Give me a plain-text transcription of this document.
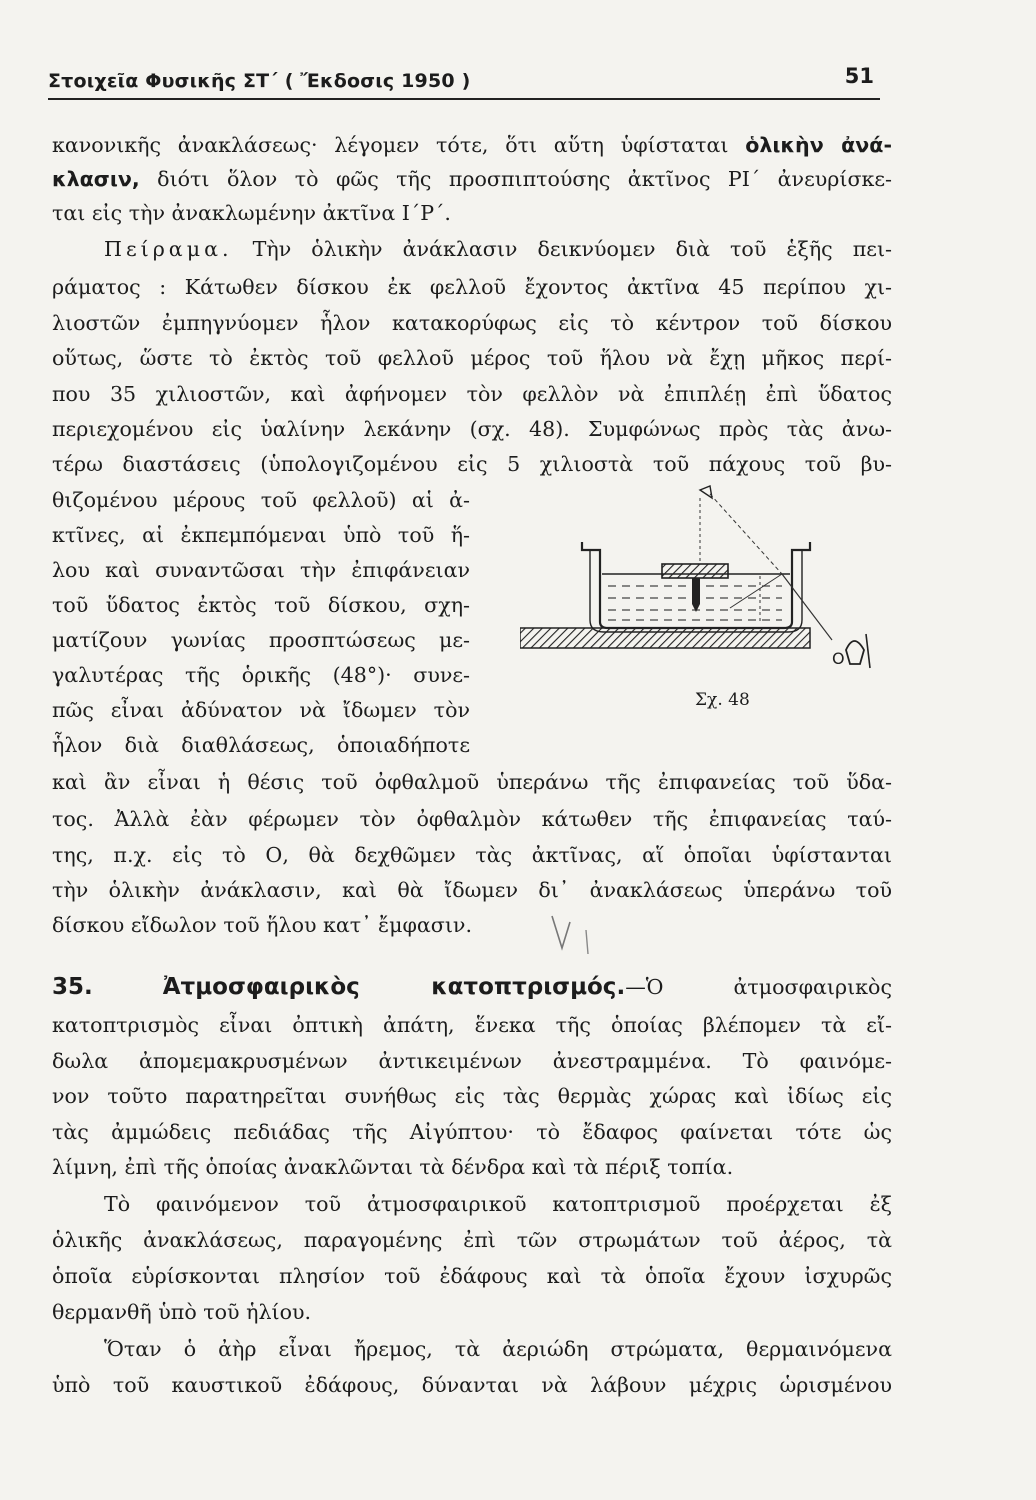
Στοιχεῖα Φυσικῆς ΣΤ΄ ( Ἔκδοσις 1950 )	51
κανονικῆς ἀνακλάσεως· λέγομεν τότε, ὅτι αὕτη ὑφίσταται ὁλικὴν ἀνά-
κλασιν, διότι ὅλον τὸ φῶς τῆς προσπιπτούσης ἀκτῖνος ΡΙ΄ ἀνευρίσκε-
ται εἰς τὴν ἀνακλωμένην ἀκτῖνα Ι΄Ρ΄.
Πείραμα. Τὴν ὁλικὴν ἀνάκλασιν δεικνύομεν διὰ τοῦ ἑξῆς πει-
ράματος : Κάτωθεν δίσκου ἐκ φελλοῦ ἔχοντος ἀκτῖνα 45 περίπου χι-
λιοστῶν ἐμπηγνύομεν ἧλον κατακορύφως εἰς τὸ κέντρον τοῦ δίσκου
οὕτως, ὥστε τὸ ἐκτὸς τοῦ φελλοῦ μέρος τοῦ ἥλου νὰ ἔχῃ μῆκος περί-
που 35 χιλιοστῶν, καὶ ἀφήνομεν τὸν φελλὸν νὰ ἐπιπλέῃ ἐπὶ ὕδατος
περιεχομένου εἰς ὑαλίνην λεκάνην (σχ. 48). Συμφώνως πρὸς τὰς ἀνω-
τέρω διαστάσεις (ὑπολογιζομένου εἰς 5 χιλιοστὰ τοῦ πάχους τοῦ βυ-
θιζομένου μέρους τοῦ φελλοῦ) αἱ ἀ-
κτῖνες, αἱ ἐκπεμπόμεναι ὑπὸ τοῦ ἥ-
λου καὶ συναντῶσαι τὴν ἐπιφάνειαν
τοῦ ὕδατος ἐκτὸς τοῦ δίσκου, σχη-
ματίζουν γωνίας προσπτώσεως με-
γαλυτέρας τῆς ὁρικῆς (48°)· συνε-
πῶς εἶναι ἀδύνατον νὰ ἴδωμεν τὸν
ἧλον διὰ διαθλάσεως, ὁποιαδήποτε
καὶ ἂν εἶναι ἡ θέσις τοῦ ὀφθαλμοῦ ὑπεράνω τῆς ἐπιφανείας τοῦ ὕδα-
τος. Ἀλλὰ ἐὰν φέρωμεν τὸν ὀφθαλμὸν κάτωθεν τῆς ἐπιφανείας ταύ-
της, π.χ. εἰς τὸ Ο, θὰ δεχθῶμεν τὰς ἀκτῖνας, αἵ ὁποῖαι ὑφίστανται
τὴν ὁλικὴν ἀνάκλασιν, καὶ θὰ ἴδωμεν δι᾽ ἀνακλάσεως ὑπεράνω τοῦ
δίσκου εἴδωλον τοῦ ἥλου κατ᾽ ἔμφασιν.
O
Σχ. 48
35.	Ἀτμοσφαιρικὸς κατοπτρισμός.—Ὁ ἀτμοσφαιρικὸς
κατοπτρισμὸς εἶναι ὀπτικὴ ἀπάτη, ἕνεκα τῆς ὁποίας βλέπομεν τὰ εἴ-
δωλα ἀπομεμακρυσμένων ἀντικειμένων ἀνεστραμμένα. Τὸ φαινόμε-
νον τοῦτο παρατηρεῖται συνήθως εἰς τὰς θερμὰς χώρας καὶ ἰδίως εἰς
τὰς ἀμμώδεις πεδιάδας τῆς Αἰγύπτου· τὸ ἔδαφος φαίνεται τότε ὡς
λίμνη, ἐπὶ τῆς ὁποίας ἀνακλῶνται τὰ δένδρα καὶ τὰ πέριξ τοπία.
Τὸ φαινόμενον τοῦ ἀτμοσφαιρικοῦ κατοπτρισμοῦ προέρχεται ἐξ
ὁλικῆς ἀνακλάσεως, παραγομένης ἐπὶ τῶν στρωμάτων τοῦ ἀέρος, τὰ
ὁποῖα εὑρίσκονται πλησίον τοῦ ἐδάφους καὶ τὰ ὁποῖα ἔχουν ἰσχυρῶς
θερμανθῆ ὑπὸ τοῦ ἡλίου.
Ὅταν ὁ ἀὴρ εἶναι ἤρεμος, τὰ ἀεριώδη στρώματα, θερμαινόμενα
ὑπὸ τοῦ καυστικοῦ ἐδάφους, δύνανται νὰ λάβουν μέχρις ὡρισμένου
